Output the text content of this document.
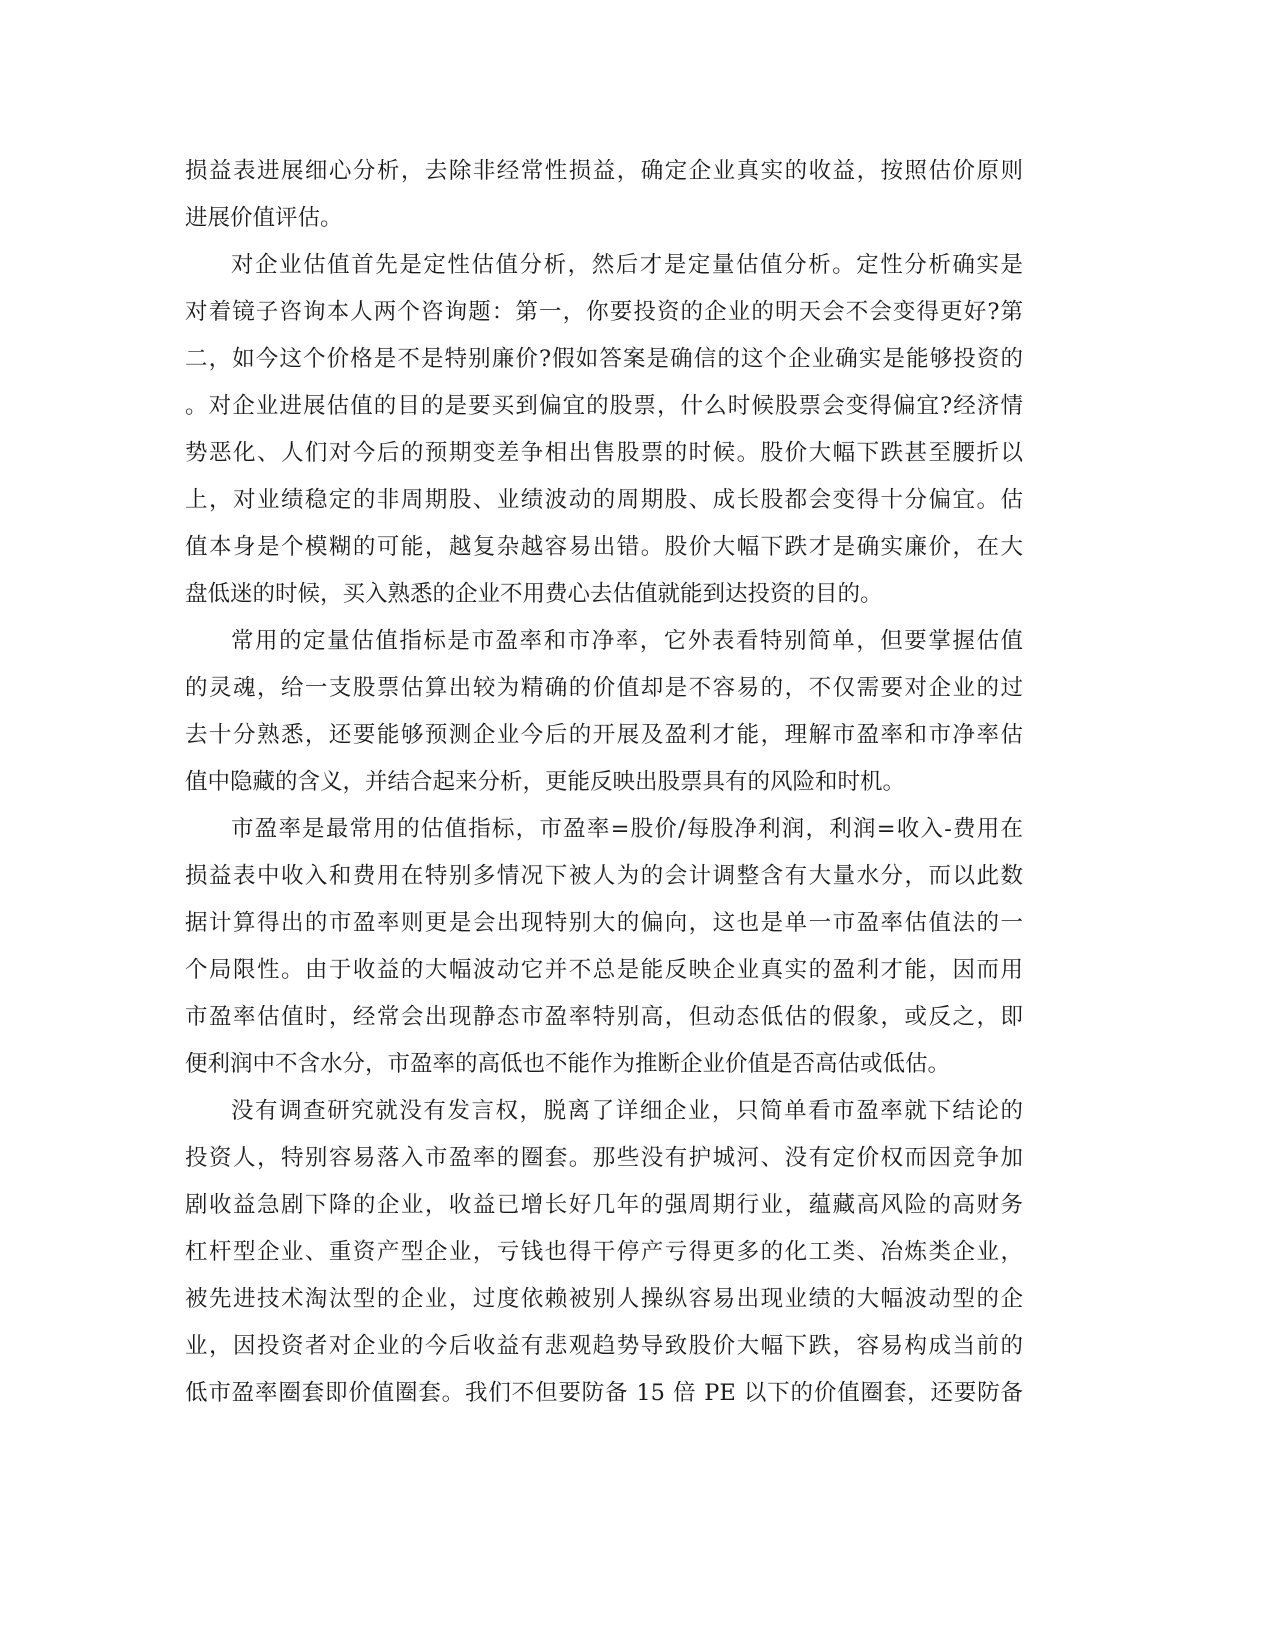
损益表进展细心分析，去除非经常性损益，确定企业真实的收益，按照估价原则
进展价值评估。
对企业估值首先是定性估值分析，然后才是定量估值分析。定性分析确实是
对着镜子咨询本人两个咨询题：第一，你要投资的企业的明天会不会变得更好?第
二，如今这个价格是不是特别廉价?假如答案是确信的这个企业确实是能够投资的
。对企业进展估值的目的是要买到偏宜的股票，什么时候股票会变得偏宜?经济情
势恶化、人们对今后的预期变差争相出售股票的时候。股价大幅下跌甚至腰折以
上，对业绩稳定的非周期股、业绩波动的周期股、成长股都会变得十分偏宜。估
值本身是个模糊的可能，越复杂越容易出错。股价大幅下跌才是确实廉价，在大
盘低迷的时候，买入熟悉的企业不用费心去估值就能到达投资的目的。
常用的定量估值指标是市盈率和市净率，它外表看特别简单，但要掌握估值
的灵魂，给一支股票估算出较为精确的价值却是不容易的，不仅需要对企业的过
去十分熟悉，还要能够预测企业今后的开展及盈利才能，理解市盈率和市净率估
值中隐藏的含义，并结合起来分析，更能反映出股票具有的风险和时机。
市盈率是最常用的估值指标，市盈率=股价/每股净利润，利润=收入-费用在
损益表中收入和费用在特别多情况下被人为的会计调整含有大量水分，而以此数
据计算得出的市盈率则更是会出现特别大的偏向，这也是单一市盈率估值法的一
个局限性。由于收益的大幅波动它并不总是能反映企业真实的盈利才能，因而用
市盈率估值时，经常会出现静态市盈率特别高，但动态低估的假象，或反之，即
便利润中不含水分，市盈率的高低也不能作为推断企业价值是否高估或低估。
没有调查研究就没有发言权，脱离了详细企业，只简单看市盈率就下结论的
投资人，特别容易落入市盈率的圈套。那些没有护城河、没有定价权而因竞争加
剧收益急剧下降的企业，收益已增长好几年的强周期行业，蕴藏高风险的高财务
杠杆型企业、重资产型企业，亏钱也得干停产亏得更多的化工类、冶炼类企业，
被先进技术淘汰型的企业，过度依赖被别人操纵容易出现业绩的大幅波动型的企
业，因投资者对企业的今后收益有悲观趋势导致股价大幅下跌，容易构成当前的
低市盈率圈套即价值圈套。我们不但要防备 15 倍 PE 以下的价值圈套，还要防备
